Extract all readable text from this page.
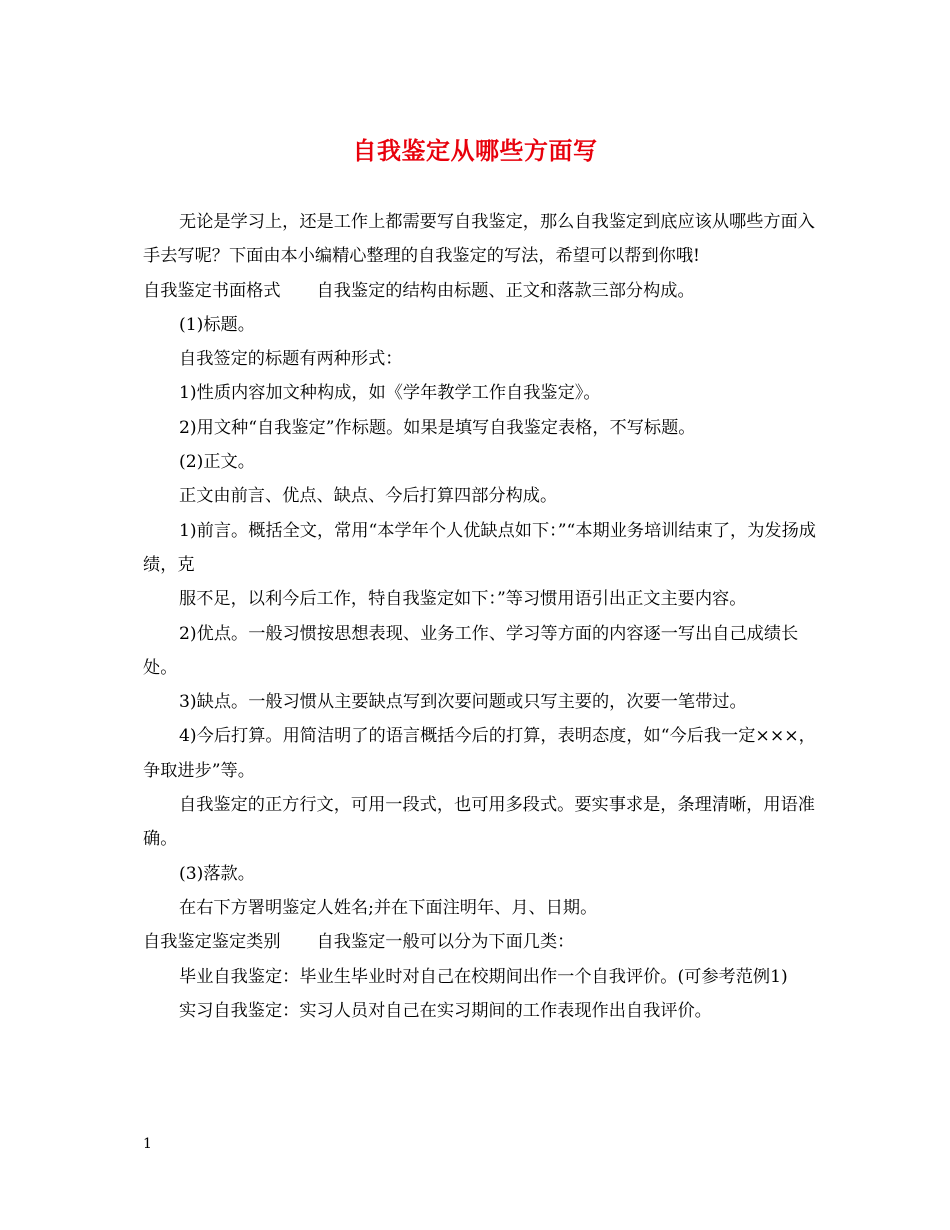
自我鉴定从哪些方面写

无论是学习上，还是工作上都需要写自我鉴定，那么自我鉴定到底应该从哪些方面入手去写呢？下面由本小编精心整理的自我鉴定的写法，希望可以帮到你哦!

自我鉴定书面格式 自我鉴定的结构由标题、正文和落款三部分构成。

(1)标题。

自我签定的标题有两种形式：

1)性质内容加文种构成，如《学年教学工作自我鉴定》。

2)用文种“自我鉴定”作标题。如果是填写自我鉴定表格，不写标题。

(2)正文。

正文由前言、优点、缺点、今后打算四部分构成。

1)前言。概括全文，常用“本学年个人优缺点如下：”“本期业务培训结束了，为发扬成绩，克

服不足，以利今后工作，特自我鉴定如下：”等习惯用语引出正文主要内容。

2)优点。一般习惯按思想表现、业务工作、学习等方面的内容逐一写出自己成绩长处。

3)缺点。一般习惯从主要缺点写到次要问题或只写主要的，次要一笔带过。

4)今后打算。用简洁明了的语言概括今后的打算，表明态度，如“今后我一定×××，争取进步”等。

自我鉴定的正方行文，可用一段式，也可用多段式。要实事求是，条理清晰，用语准确。

(3)落款。

在右下方署明鉴定人姓名;并在下面注明年、月、日期。

自我鉴定鉴定类别 自我鉴定一般可以分为下面几类：

毕业自我鉴定：毕业生毕业时对自己在校期间出作一个自我评价。(可参考范例1)

实习自我鉴定：实习人员对自己在实习期间的工作表现作出自我评价。

1
